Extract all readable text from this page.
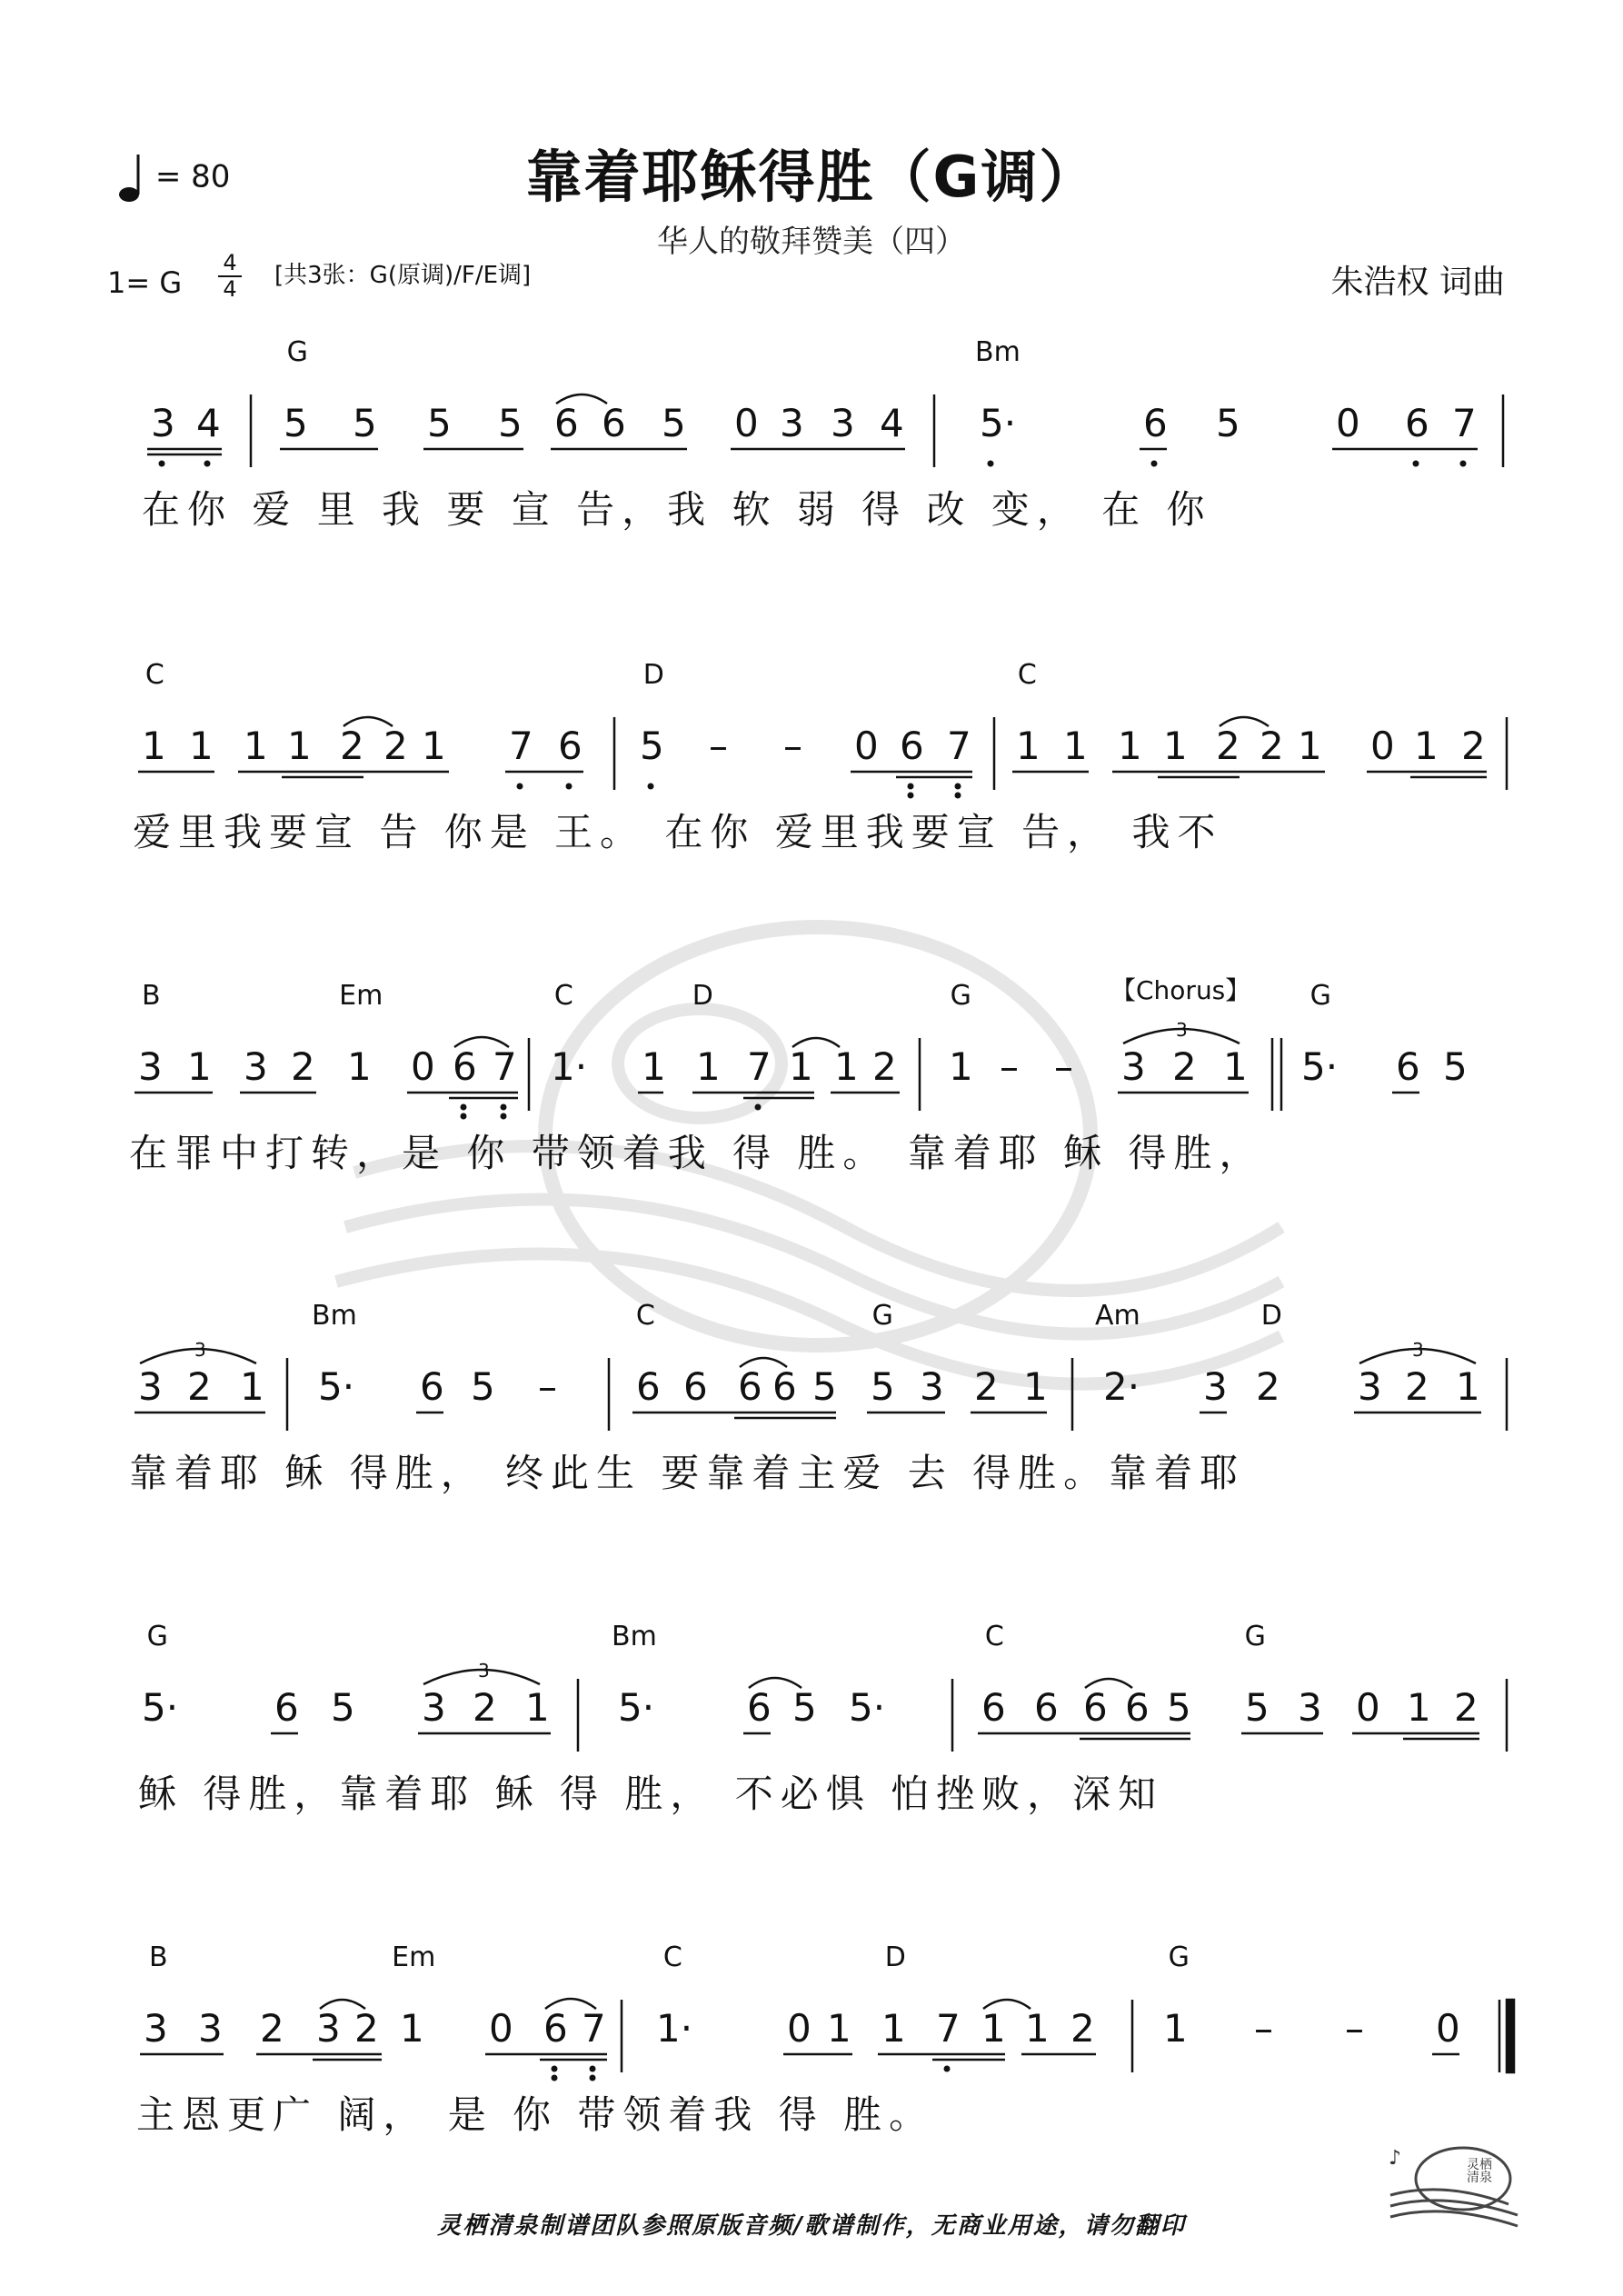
= 80	靠着耶稣得胜（G调）
华人的敬拜赞美（四）
1= G
4
4 [共3张：G(原调)/F/E调]	朱浩权 词曲
G	Bm
3 4 5 5 5 5 6 6 5 0 3 3 4 5·	6 5	0 6 7
在你 爱 里 我 要 宣 告，我 软 弱 得 改 变， 在 你
C	D	C
1 1 1 1 2 2 1 7 6 5 – – 0 6 7 1 1 1 1 2 2 1 0 1 2
爱里我要宣 告 你是 王。 在你 爱里我要宣 告， 我不
B	Em	C	D	G	【Chorus】 G
3 1 3 2 1 0 6 7 1· 1 1 7 1 1 2 1 – – 3 2 1 5· 6 5
3
在罪中打转，是 你 带领着我 得 胜。 靠着耶 稣 得胜，
Bm	C	G	Am	D
3 2 1 5· 6 5 – 6 6 6 6 5 5 3 2 1 2· 3 2 3 2 1
3	3
靠着耶 稣 得胜， 终此生 要靠着主爱 去 得胜。靠着耶
G	Bm	C	G
5·	6 5 3 2 1 5· 6 5 5·	6 6 6 6 5 5 3 0 1 2
3
稣 得胜，靠着耶 稣 得 胜， 不必惧 怕挫败，深知
B	Em	C	D	G
3 3 2 3 2 1 0 6 7 1· 0 1 1 7 1 1 2 1 – – 0
主恩更广 阔， 是 你 带领着我 得 胜。
灵栖清泉制谱团队参照原版音频/歌谱制作，无商业用途，请勿翻印
♪	灵栖清泉
